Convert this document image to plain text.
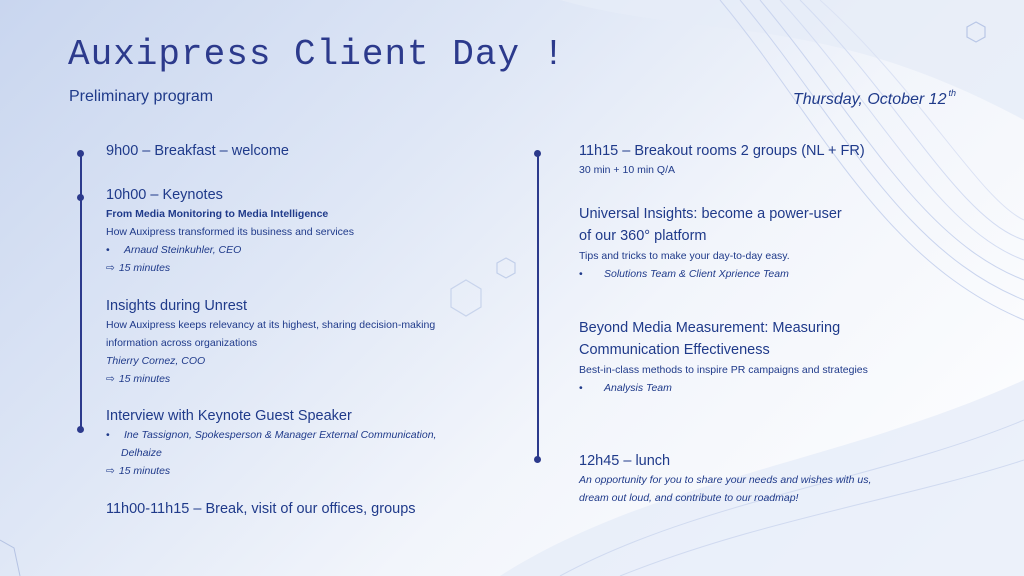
Auxipress Client Day !
Preliminary program	Thursday, October 12 $^{th}$
9h00 – Breakfast – welcome
10h00 – Keynotes
From Media Monitoring to Media Intelligence
How Auxipress transformed its business and services
• Arnaud Steinkuhler, CEO
⇨ 15 minutes
Insights during Unrest
How Auxipress keeps relevancy at its highest, sharing decision-making
information across organizations
Thierry Cornez, COO
⇨ 15 minutes
Interview with Keynote Guest Speaker
• Ine Tassignon, Spokesperson & Manager External Communication,
Delhaize
⇨ 15 minutes
11h00-11h15 – Break, visit of our offices, groups
11h15 – Breakout rooms 2 groups (NL + FR)
30 min + 10 min Q/A
Universal Insights: become a power-user
of our 360° platform
Tips and tricks to make your day-to-day easy.
• Solutions Team & Client Xprience Team
Beyond Media Measurement: Measuring
Communication Effectiveness
Best-in-class methods to inspire PR campaigns and strategies
• Analysis Team
12h45 – lunch
An opportunity for you to share your needs and wishes with us,
dream out loud, and contribute to our roadmap!
